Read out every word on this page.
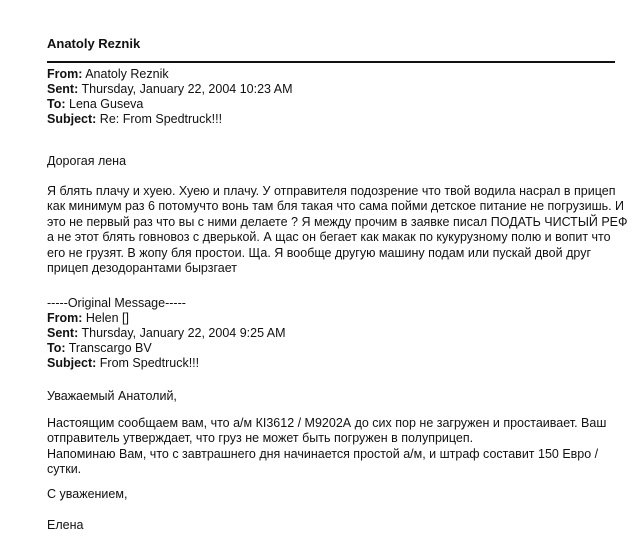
Anatoly Reznik
From: Anatoly Reznik
Sent: Thursday, January 22, 2004 10:23 AM
To: Lena Guseva
Subject: Re: From Spedtruck!!!

Дорогая лена

Я блять плачу и хуею. Хуею и плачу. У отправителя подозрение что твой водила насрал в прицеп
как минимум раз 6 потомучто вонь там бля такая что сама пойми детское питание не погрузишь. И
это не первый раз что вы с ними делаете ? Я между прочим в заявке писал ПОДАТЬ ЧИСТЫЙ РЕФ
а не этот блять говновоз с дверькой. А щас он бегает как макак по кукурузному полю и вопит что
его не грузят. В жопу бля простои. Ща. Я вообще другую машину подам или пускай двой друг
прицеп дезодорантами бырзгает

-----Original Message-----
From: Helen []
Sent: Thursday, January 22, 2004 9:25 AM
To: Transcargo BV
Subject: From Spedtruck!!!

Уважаемый Анатолий,

Настоящим сообщаем вам, что а/м КI3612 / М9202А до сих пор не загружен и простаивает. Ваш
отправитель утверждает, что груз не может быть погружен в полуприцеп.
Напоминаю Вам, что с завтрашнего дня начинается простой а/м, и штраф составит 150 Евро /
сутки.

С уважением,

Елена
